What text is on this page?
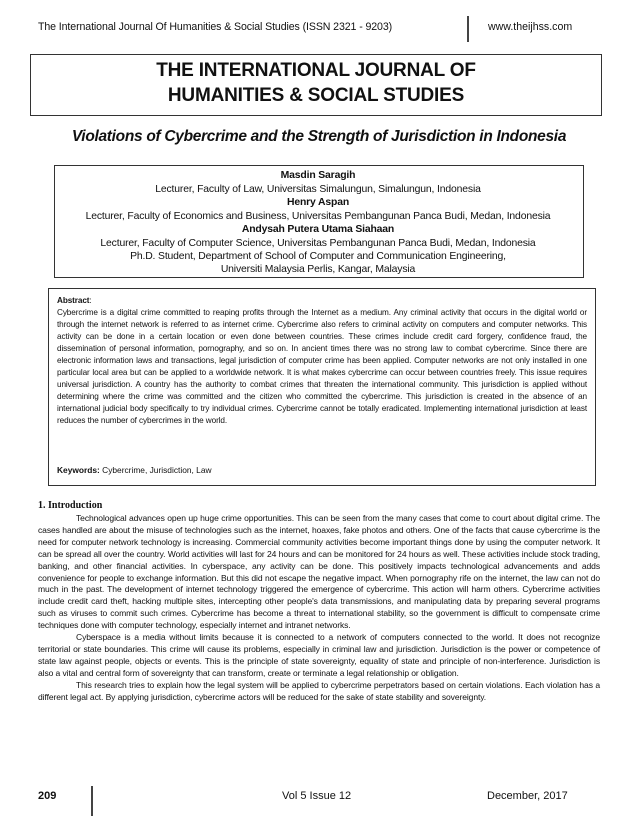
The International Journal Of Humanities & Social Studies (ISSN 2321 - 9203)	www.theijhss.com
THE INTERNATIONAL JOURNAL OF
HUMANITIES & SOCIAL STUDIES
Violations of Cybercrime and the Strength of Jurisdiction in Indonesia
Masdin Saragih
Lecturer, Faculty of Law, Universitas Simalungun, Simalungun, Indonesia
Henry Aspan
Lecturer, Faculty of Economics and Business, Universitas Pembangunan Panca Budi, Medan, Indonesia
Andysah Putera Utama Siahaan
Lecturer, Faculty of Computer Science, Universitas Pembangunan Panca Budi, Medan, Indonesia
Ph.D. Student, Department of School of Computer and Communication Engineering,
Universiti Malaysia Perlis, Kangar, Malaysia
Abstract:
Cybercrime is a digital crime committed to reaping profits through the Internet as a medium. Any criminal activity that occurs in the digital world or through the internet network is referred to as internet crime. Cybercrime also refers to criminal activity on computers and computer networks. This activity can be done in a certain location or even done between countries. These crimes include credit card forgery, confidence fraud, the dissemination of personal information, pornography, and so on. In ancient times there was no strong law to combat cybercrime. Since there are electronic information laws and transactions, legal jurisdiction of computer crime has been applied. Computer networks are not only installed in one particular local area but can be applied to a worldwide network. It is what makes cybercrime can occur between countries freely. This issue requires universal jurisdiction. A country has the authority to combat crimes that threaten the international community. This jurisdiction is applied without determining where the crime was committed and the citizen who committed the cybercrime. This jurisdiction is created in the absence of an international judicial body specifically to try individual crimes. Cybercrime cannot be totally eradicated. Implementing international jurisdiction at least reduces the number of cybercrimes in the world.
Keywords: Cybercrime, Jurisdiction, Law
1. Introduction

Technological advances open up huge crime opportunities. This can be seen from the many cases that come to court about digital crime. The cases handled are about the misuse of technologies such as the internet, hoaxes, fake photos and others. One of the facts that cause cybercrime is the need for computer network technology is increasing. Commercial community activities become important things done by using the computer network. It can be spread all over the country. World activities will last for 24 hours and can be monitored for 24 hours as well. These activities include stock trading, banking, and other financial activities. In cyberspace, any activity can be done. This positively impacts technological advancements and adds convenience for people to exchange information. But this did not escape the negative impact. When pornography rife on the internet, the law can not do much in the past. The development of internet technology triggered the emergence of cybercrime. This action will harm others. Cybercrime activities include credit card theft, hacking multiple sites, intercepting other people's data transmissions, and manipulating data by preparing several programs such as viruses to commit such crimes. Cybercrime has become a threat to international stability, so the government is difficult to compensate crime techniques done with computer technology, especially internet and intranet networks.

Cyberspace is a media without limits because it is connected to a network of computers connected to the world. It does not recognize territorial or state boundaries. This crime will cause its problems, especially in criminal law and jurisdiction. Jurisdiction is the power or competence of state law against people, objects or events. This is the principle of state sovereignty, equality of state and principle of non-interference. Jurisdiction is also a vital and central form of sovereignty that can transform, create or terminate a legal relationship or obligation.

This research tries to explain how the legal system will be applied to cybercrime perpetrators based on certain violations. Each violation has a different legal act. By applying jurisdiction, cybercrime actors will be reduced for the sake of state stability and sovereignty.

209	Vol 5 Issue 12	December, 2017
